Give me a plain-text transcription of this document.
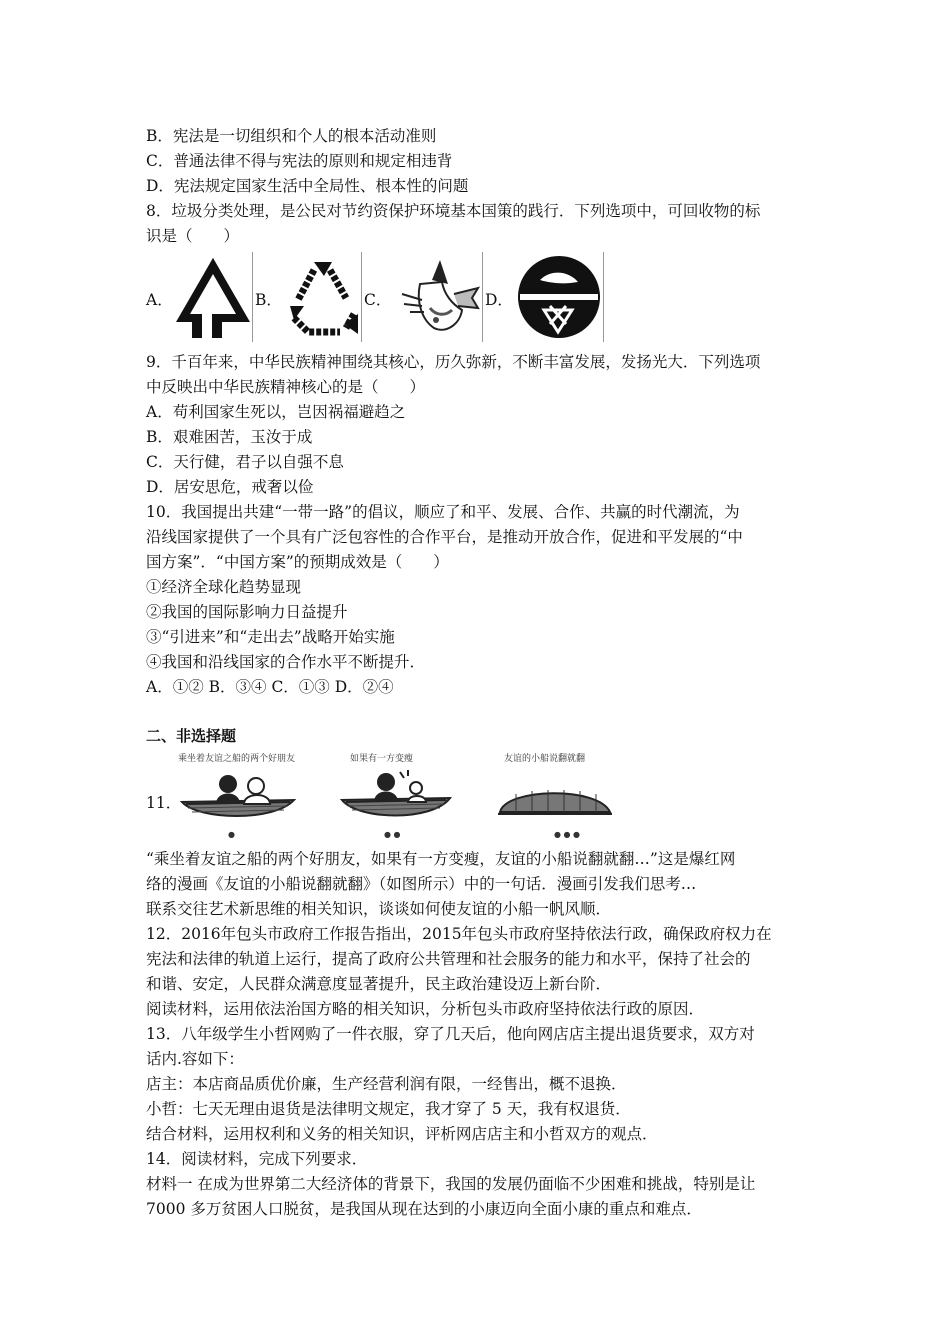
B．宪法是一切组织和个人的根本活动准则
C．普通法律不得与宪法的原则和规定相违背
D．宪法规定国家生活中全局性、根本性的问题
8．垃圾分类处理，是公民对节约资保护环境基本国策的践行．下列选项中，可回收物的标
识是（　　）
A．	B．	C．	D．
9．千百年来，中华民族精神围绕其核心，历久弥新，不断丰富发展，发扬光大．下列选项
中反映出中华民族精神核心的是（　　）
A．苟利国家生死以，岂因祸福避趋之
B．艰难困苦，玉汝于成
C．天行健，君子以自强不息
D．居安思危，戒奢以俭
10．我国提出共建“一带一路”的倡议，顺应了和平、发展、合作、共赢的时代潮流，为
沿线国家提供了一个具有广泛包容性的合作平台，是推动开放合作，促进和平发展的“中
国方案”．“中国方案”的预期成效是（　　）
①经济全球化趋势显现
②我国的国际影响力日益提升
③“引进来”和“走出去”战略开始实施
④我国和沿线国家的合作水平不断提升．
A．①② B．③④ C．①③ D．②④
二、非选择题
11．
乘坐着友谊之船的两个好朋友
●
如果有一方变瘦
● ●
友谊的小船说翻就翻
● ● ●
“乘坐着友谊之船的两个好朋友，如果有一方变瘦，友谊的小船说翻就翻…”这是爆红网
络的漫画《友谊的小船说翻就翻》（如图所示）中的一句话．漫画引发我们思考…
联系交往艺术新思维的相关知识，谈谈如何使友谊的小船一帆风顺．
12．2016年包头市政府工作报告指出，2015年包头市政府坚持依法行政，确保政府权力在
宪法和法律的轨道上运行，提高了政府公共管理和社会服务的能力和水平，保持了社会的
和谐、安定，人民群众满意度显著提升，民主政治建设迈上新台阶．
阅读材料，运用依法治国方略的相关知识，分析包头市政府坚持依法行政的原因．
13．八年级学生小哲网购了一件衣服，穿了几天后，他向网店店主提出退货要求，双方对
话内.容如下：
店主：本店商品质优价廉，生产经营利润有限，一经售出，概不退换．
小哲：七天无理由退货是法律明文规定，我才穿了 5 天，我有权退货．
结合材料，运用权利和义务的相关知识，评析网店店主和小哲双方的观点．
14．阅读材料，完成下列要求．
材料一 在成为世界第二大经济体的背景下，我国的发展仍面临不少困难和挑战，特别是让
7000 多万贫困人口脱贫，是我国从现在达到的小康迈向全面小康的重点和难点．
